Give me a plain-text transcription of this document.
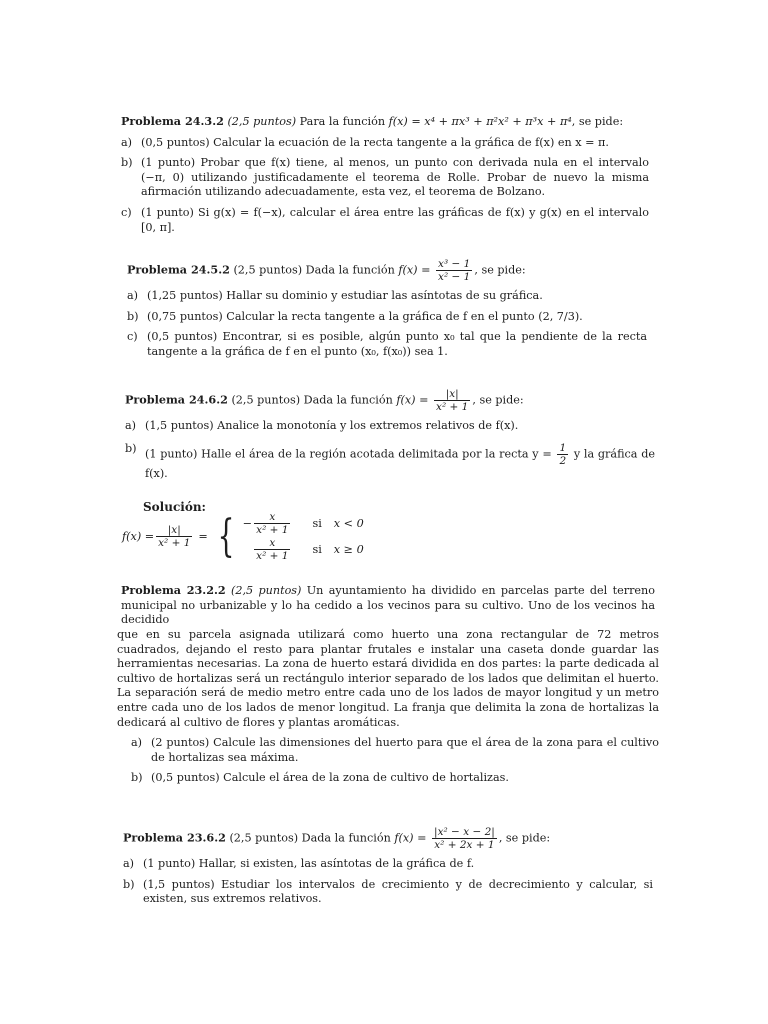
Problema 24.3.2 (2,5 puntos) Para la función f(x) = x⁴ + πx³ + π²x² + π³x + π⁴, se pide:
a) (0,5 puntos) Calcular la ecuación de la recta tangente a la gráfica de f(x) en x = π.
b) (1 punto) Probar que f(x) tiene, al menos, un punto con derivada nula en el intervalo (−π, 0) utilizando justificadamente el teorema de Rolle. Probar de nuevo la misma afirmación utilizando adecuadamente, esta vez, el teorema de Bolzano.
c) (1 punto) Si g(x) = f(−x), calcular el área entre las gráficas de f(x) y g(x) en el intervalo [0, π].
Problema 24.5.2 (2,5 puntos) Dada la función $f(x) = \frac{\text{x³ − 1}}{\text{x² − 1}}$ , se pide:
a) (1,25 puntos) Hallar su dominio y estudiar las asíntotas de su gráfica.
b) (0,75 puntos) Calcular la recta tangente a la gráfica de f en el punto (2, 7/3).
c) (0,5 puntos) Encontrar, si es posible, algún punto x₀ tal que la pendiente de la recta tangente a la gráfica de f en el punto (x₀, f(x₀)) sea 1.
Problema 24.6.2 (2,5 puntos) Dada la función $f(x) = \frac{|x|}{\text{x² + 1}}$ , se pide:
a) (1,5 puntos) Analice la monotonía y los extremos relativos de f(x).
b) (1 punto) Halle el área de la región acotada delimitada por la recta $y = \frac{1}{2}$ y la gráfica de f(x).
Solución:
$f(x) = \frac{|x|}{\text{x² + 1}}$ = { − $\frac{x}{\text{x² + 1}}$ si x < 0
$\frac{x}{\text{x² + 1}}$ si x ≥ 0
Problema 23.2.2 (2,5 puntos) Un ayuntamiento ha dividido en parcelas parte del terreno municipal no urbanizable y lo ha cedido a los vecinos para su cultivo. Uno de los vecinos ha decidido
que en su parcela asignada utilizará como huerto una zona rectangular de 72 metros cuadrados, dejando el resto para plantar frutales e instalar una caseta donde guardar las herramientas necesarias. La zona de huerto estará dividida en dos partes: la parte dedicada al cultivo de hortalizas será un rectángulo interior separado de los lados que delimitan el huerto. La separación será de medio metro entre cada uno de los lados de mayor longitud y un metro entre cada uno de los lados de menor longitud. La franja que delimita la zona de hortalizas la dedicará al cultivo de flores y plantas aromáticas.
a) (2 puntos) Calcule las dimensiones del huerto para que el área de la zona para el cultivo de hortalizas sea máxima.
b) (0,5 puntos) Calcule el área de la zona de cultivo de hortalizas.
Problema 23.6.2 (2,5 puntos) Dada la función $f(x) = \frac{\text{|x² − x − 2|}}{\text{x² + 2x + 1}}$ , se pide:
a) (1 punto) Hallar, si existen, las asíntotas de la gráfica de f.
b) (1,5 puntos) Estudiar los intervalos de crecimiento y de decrecimiento y calcular, si existen, sus extremos relativos.
